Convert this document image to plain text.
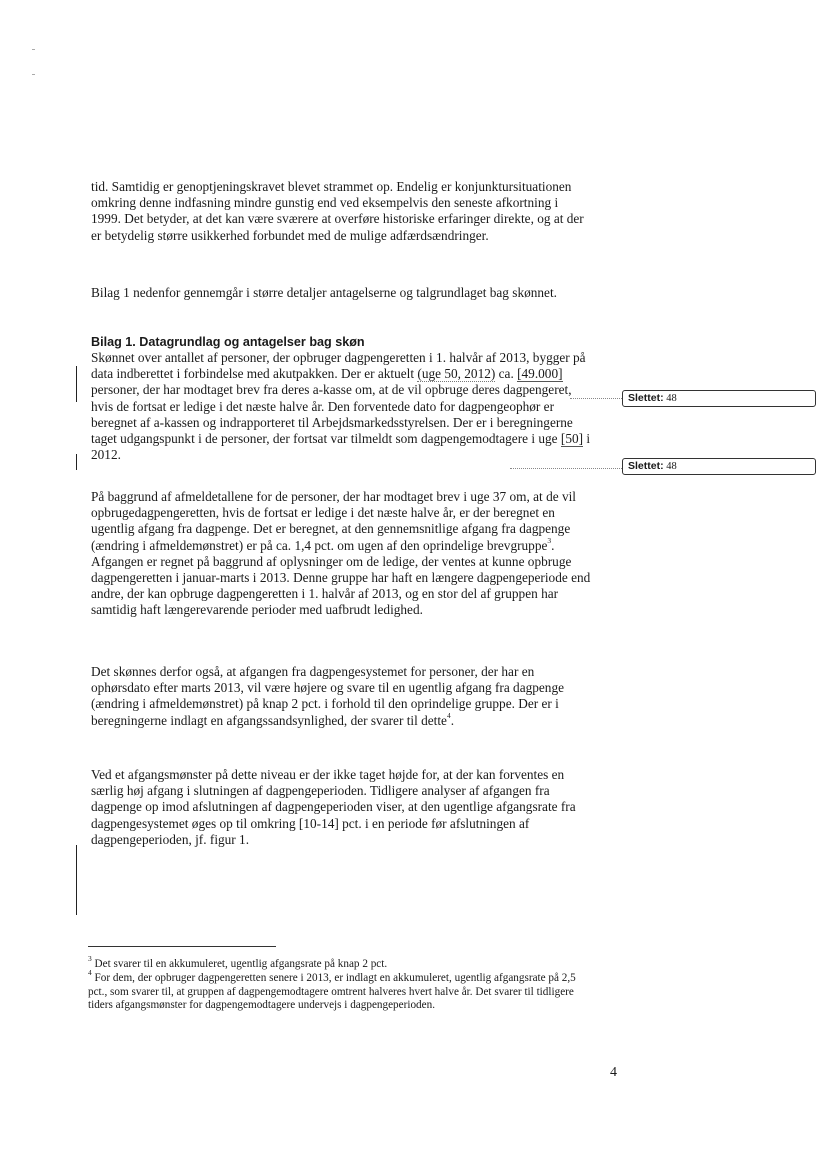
tid. Samtidig er genoptjeningskravet blevet strammet op. Endelig er konjunktursituationen omkring denne indfasning mindre gunstig end ved eksempelvis den seneste afkortning i 1999. Det betyder, at det kan være sværere at overføre historiske erfaringer direkte, og at der er betydelig større usikkerhed forbundet med de mulige adfærdsændringer.

Bilag 1 nedenfor gennemgår i større detaljer antagelserne og talgrundlaget bag skønnet.

Bilag 1. Datagrundlag og antagelser bag skøn

Skønnet over antallet af personer, der opbruger dagpengeretten i 1. halvår af 2013, bygger på data indberettet i forbindelse med akutpakken. Der er aktuelt (uge 50, 2012) ca. [49.000] personer, der har modtaget brev fra deres a-kasse om, at de vil opbruge deres dagpengeret, hvis de fortsat er ledige i det næste halve år. Den forventede dato for dagpengeophør er beregnet af a-kassen og indrapporteret til Arbejdsmarkedsstyrelsen. Der er i beregningerne taget udgangspunkt i de personer, der fortsat var tilmeldt som dagpengemodtagere i uge [50] i 2012.

Slettet: 48
Slettet: 48

På baggrund af afmeldetallene for de personer, der har modtaget brev i uge 37 om, at de vil opbrugedagpengeretten, hvis de fortsat er ledige i det næste halve år, er der beregnet en ugentlig afgang fra dagpenge. Det er beregnet, at den gennemsnitlige afgang fra dagpenge (ændring i afmeldemønstret) er på ca. 1,4 pct. om ugen af den oprindelige brevgruppe$^3$. Afgangen er regnet på baggrund af oplysninger om de ledige, der ventes at kunne opbruge dagpengeretten i januar-marts i 2013. Denne gruppe har haft en længere dagpengeperiode end andre, der kan opbruge dagpengeretten i 1. halvår af 2013, og en stor del af gruppen har samtidig haft længerevarende perioder med uafbrudt ledighed.

Det skønnes derfor også, at afgangen fra dagpengesystemet for personer, der har en ophørsdato efter marts 2013, vil være højere og svare til en ugentlig afgang fra dagpenge (ændring i afmeldemønstret) på knap 2 pct. i forhold til den oprindelige gruppe. Der er i beregningerne indlagt en afgangssandsynlighed, der svarer til dette$^4$.

Ved et afgangsmønster på dette niveau er der ikke taget højde for, at der kan forventes en særlig høj afgang i slutningen af dagpengeperioden. Tidligere analyser af afgangen fra dagpenge op imod afslutningen af dagpengeperioden viser, at den ugentlige afgangsrate fra dagpengesystemet øges op til omkring [10-14] pct. i en periode før afslutningen af dagpengeperioden, jf. figur 1.

$^3$ Det svarer til en akkumuleret, ugentlig afgangsrate på knap 2 pct.

$^4$ For dem, der opbruger dagpengeretten senere i 2013, er indlagt en akkumuleret, ugentlig afgangsrate på 2,5 pct., som svarer til, at gruppen af dagpengemodtagere omtrent halveres hvert halve år. Det svarer til tidligere tiders afgangsmønster for dagpengemodtagere undervejs i dagpengeperioden.

4
